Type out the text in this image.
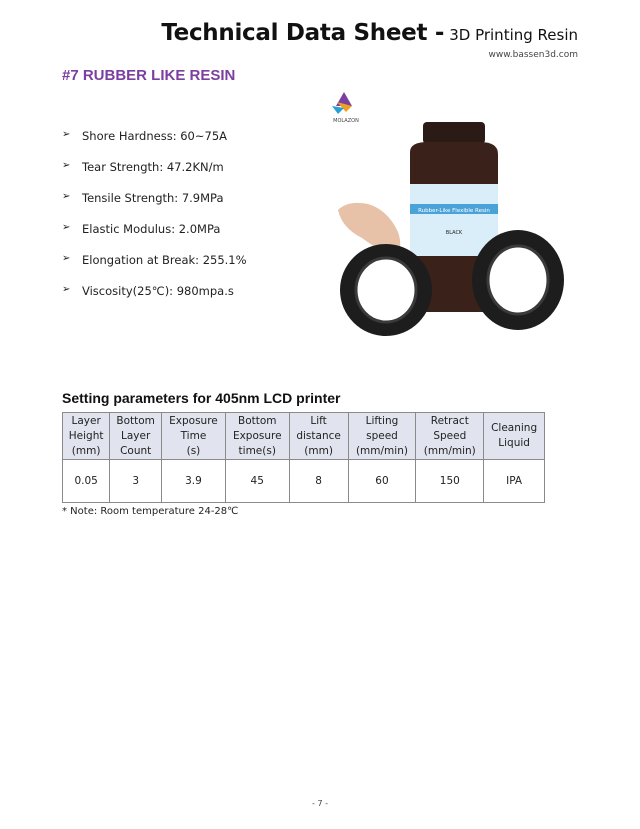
Technical Data Sheet - 3D Printing Resin
www.bassen3d.com
#7 RUBBER LIKE RESIN
➢	Shore Hardness: 60~75A
➢	Tear Strength: 47.2KN/m
➢	Tensile Strength: 7.9MPa
➢	Elastic Modulus: 2.0MPa
➢	Elongation at Break: 255.1%
➢	Viscosity(25℃): 980mpa.s
MOLAZON
Rubber-Like Flexible Resin
BLACK
Setting parameters for 405nm LCD printer
Layer
Height
(mm)	Bottom
Layer
Count	Exposure
Time
(s)	Bottom
Exposure
time(s)	Lift
distance
(mm)	Lifting
speed
(mm/min)	Retract
Speed
(mm/min)	Cleaning
Liquid
0.05	3	3.9	45	8	60	150	IPA
* Note: Room temperature 24-28℃
- 7 -
